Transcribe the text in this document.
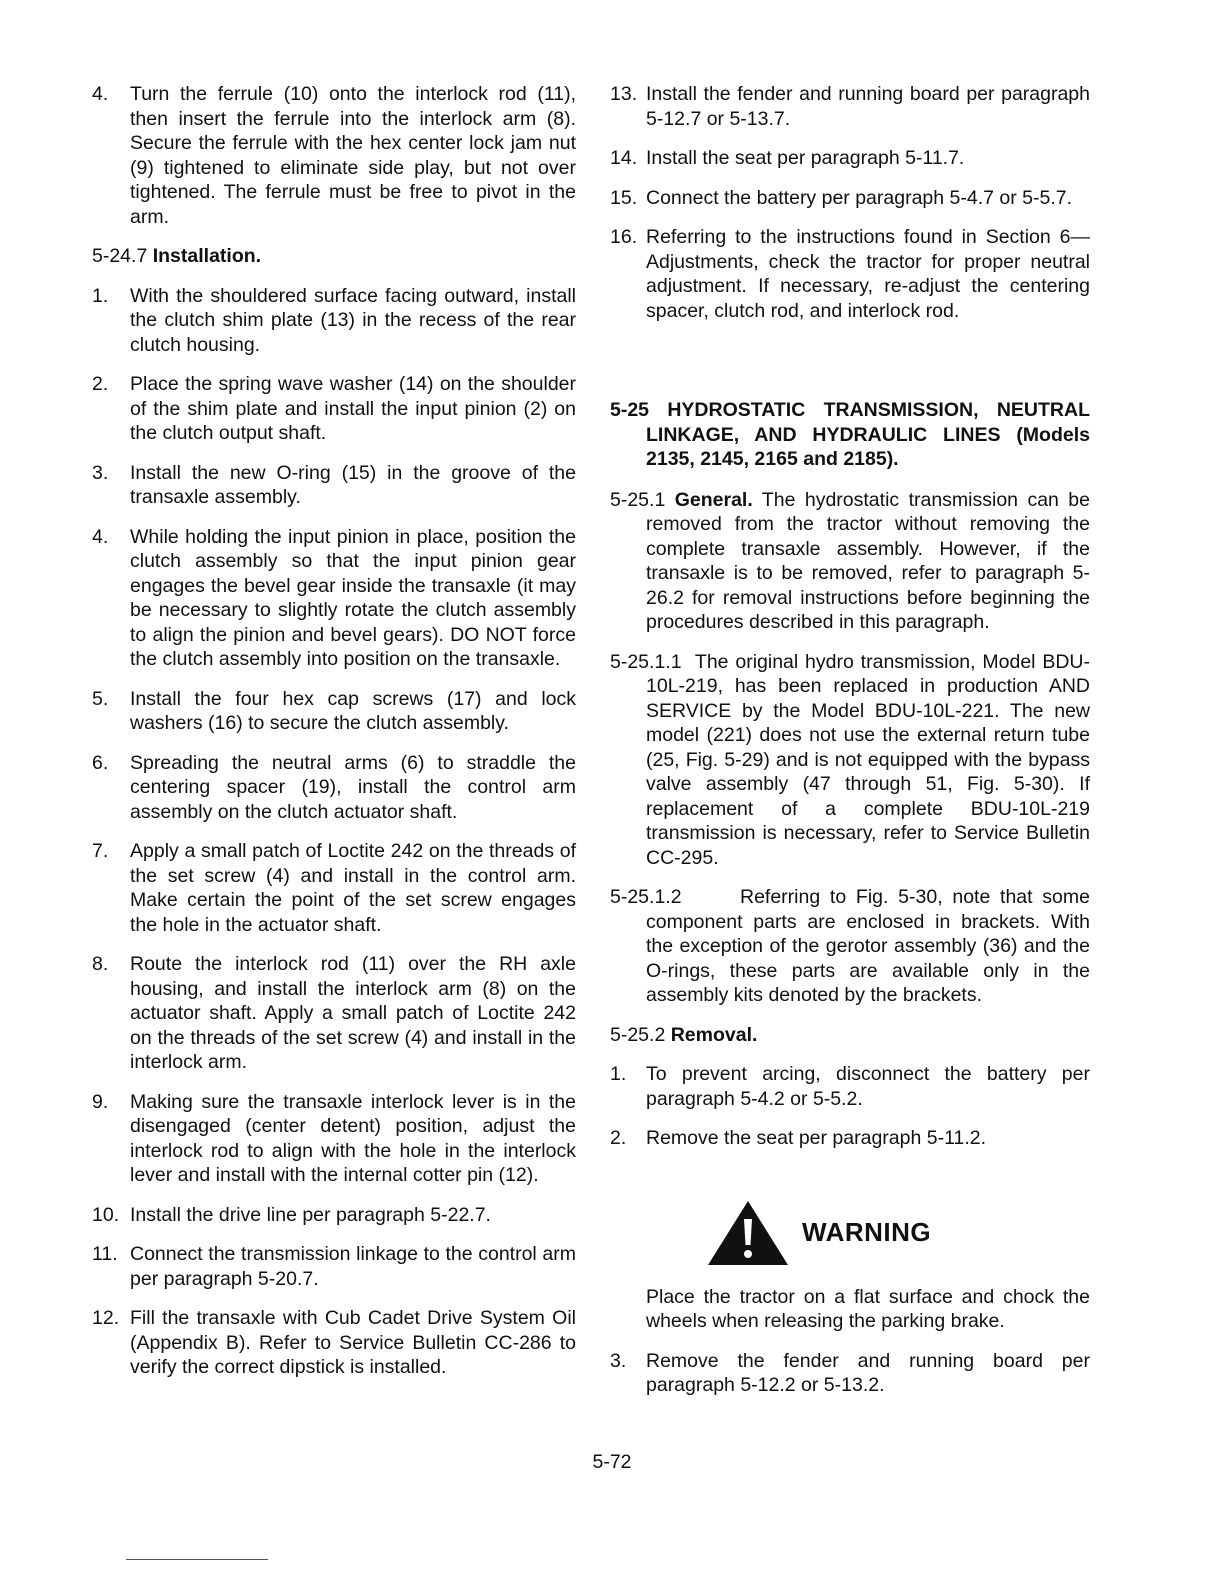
4.	Turn the ferrule (10) onto the interlock rod (11), then insert the ferrule into the interlock arm (8). Secure the ferrule with the hex center lock jam nut (9) tightened to eliminate side play, but not over tightened. The ferrule must be free to pivot in the arm.
5-24.7 Installation.
1.	With the shouldered surface facing outward, install the clutch shim plate (13) in the recess of the rear clutch housing.
2.	Place the spring wave washer (14) on the shoulder of the shim plate and install the input pinion (2) on the clutch output shaft.
3.	Install the new O-ring (15) in the groove of the transaxle assembly.
4.	While holding the input pinion in place, position the clutch assembly so that the input pinion gear engages the bevel gear inside the transaxle (it may be necessary to slightly rotate the clutch assembly to align the pinion and bevel gears). DO NOT force the clutch assembly into position on the transaxle.
5.	Install the four hex cap screws (17) and lock washers (16) to secure the clutch assembly.
6.	Spreading the neutral arms (6) to straddle the centering spacer (19), install the control arm assembly on the clutch actuator shaft.
7.	Apply a small patch of Loctite 242 on the threads of the set screw (4) and install in the control arm. Make certain the point of the set screw engages the hole in the actuator shaft.
8.	Route the interlock rod (11) over the RH axle housing, and install the interlock arm (8) on the actuator shaft. Apply a small patch of Loctite 242 on the threads of the set screw (4) and install in the interlock arm.
9.	Making sure the transaxle interlock lever is in the disengaged (center detent) position, adjust the interlock rod to align with the hole in the interlock lever and install with the internal cotter pin (12).
10. Install the drive line per paragraph 5-22.7.
11. Connect the transmission linkage to the control arm per paragraph 5-20.7.
12. Fill the transaxle with Cub Cadet Drive System Oil (Appendix B). Refer to Service Bulletin CC-286 to verify the correct dipstick is installed.
13. Install the fender and running board per paragraph 5-12.7 or 5-13.7.
14. Install the seat per paragraph 5-11.7.
15. Connect the battery per paragraph 5-4.7 or 5-5.7.
16. Referring to the instructions found in Section 6—Adjustments, check the tractor for proper neutral adjustment. If necessary, re-adjust the centering spacer, clutch rod, and interlock rod.
5-25 HYDROSTATIC TRANSMISSION, NEUTRAL LINKAGE, AND HYDRAULIC LINES (Models 2135, 2145, 2165 and 2185).
5-25.1 General. The hydrostatic transmission can be removed from the tractor without removing the complete transaxle assembly. However, if the transaxle is to be removed, refer to paragraph 5-26.2 for removal instructions before beginning the procedures described in this paragraph.
5-25.1.1 The original hydro transmission, Model BDU-10L-219, has been replaced in production AND SERVICE by the Model BDU-10L-221. The new model (221) does not use the external return tube (25, Fig. 5-29) and is not equipped with the bypass valve assembly (47 through 51, Fig. 5-30). If replacement of a complete BDU-10L-219 transmission is necessary, refer to Service Bulletin CC-295.
5-25.1.2	Referring to Fig. 5-30, note that some component parts are enclosed in brackets. With the exception of the gerotor assembly (36) and the O-rings, these parts are available only in the assembly kits denoted by the brackets.
5-25.2 Removal.
1.	To prevent arcing, disconnect the battery per paragraph 5-4.2 or 5-5.2.
2.	Remove the seat per paragraph 5-11.2.
WARNING
Place the tractor on a flat surface and chock the wheels when releasing the parking brake.
3.	Remove the fender and running board per paragraph 5-12.2 or 5-13.2.
5-72
